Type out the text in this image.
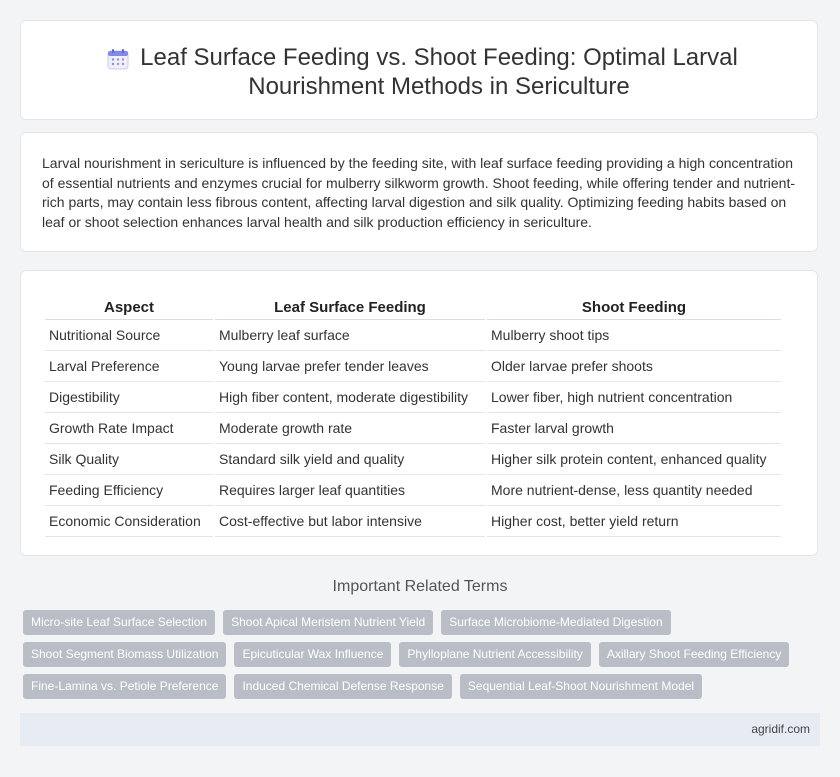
Leaf Surface Feeding vs. Shoot Feeding: Optimal Larval Nourishment Methods in Sericulture

Larval nourishment in sericulture is influenced by the feeding site, with leaf surface feeding providing a high concentration of essential nutrients and enzymes crucial for mulberry silkworm growth. Shoot feeding, while offering tender and nutrient-rich parts, may contain less fibrous content, affecting larval digestion and silk quality. Optimizing feeding habits based on leaf or shoot selection enhances larval health and silk production efficiency in sericulture.

Aspect	Leaf Surface Feeding	Shoot Feeding
Nutritional Source	Mulberry leaf surface	Mulberry shoot tips
Larval Preference	Young larvae prefer tender leaves	Older larvae prefer shoots
Digestibility	High fiber content, moderate digestibility	Lower fiber, high nutrient concentration
Growth Rate Impact	Moderate growth rate	Faster larval growth
Silk Quality	Standard silk yield and quality	Higher silk protein content, enhanced quality
Feeding Efficiency	Requires larger leaf quantities	More nutrient-dense, less quantity needed
Economic Consideration	Cost-effective but labor intensive	Higher cost, better yield return
Important Related Terms
Micro-site Leaf Surface Selection	Shoot Apical Meristem Nutrient Yield	Surface Microbiome-Mediated Digestion
Shoot Segment Biomass Utilization	Epicuticular Wax Influence	Phylloplane Nutrient Accessibility	Axillary Shoot Feeding Efficiency
Fine-Lamina vs. Petiole Preference	Induced Chemical Defense Response	Sequential Leaf-Shoot Nourishment Model
agridif.com
